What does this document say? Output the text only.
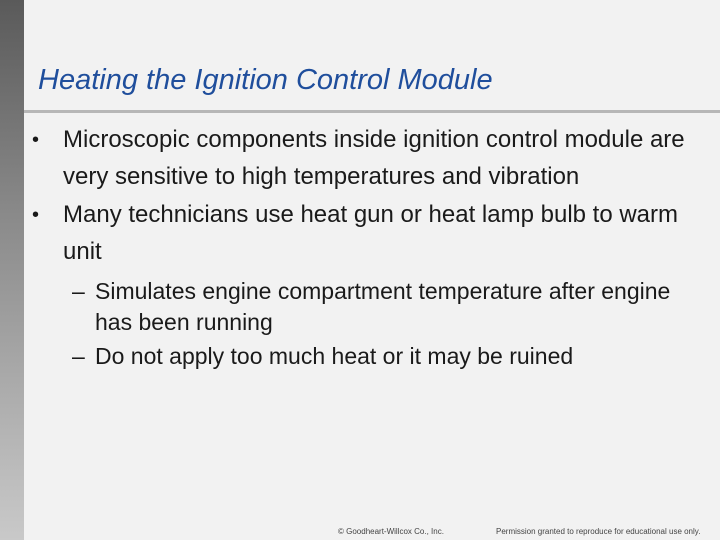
Heating the Ignition Control Module
• Microscopic components inside ignition control module are very sensitive to high temperatures and vibration
• Many technicians use heat gun or heat lamp bulb to warm unit
– Simulates engine compartment temperature after engine has been running
– Do not apply too much heat or it may be ruined
© Goodheart-Willcox Co., Inc.	Permission granted to reproduce for educational use only.
